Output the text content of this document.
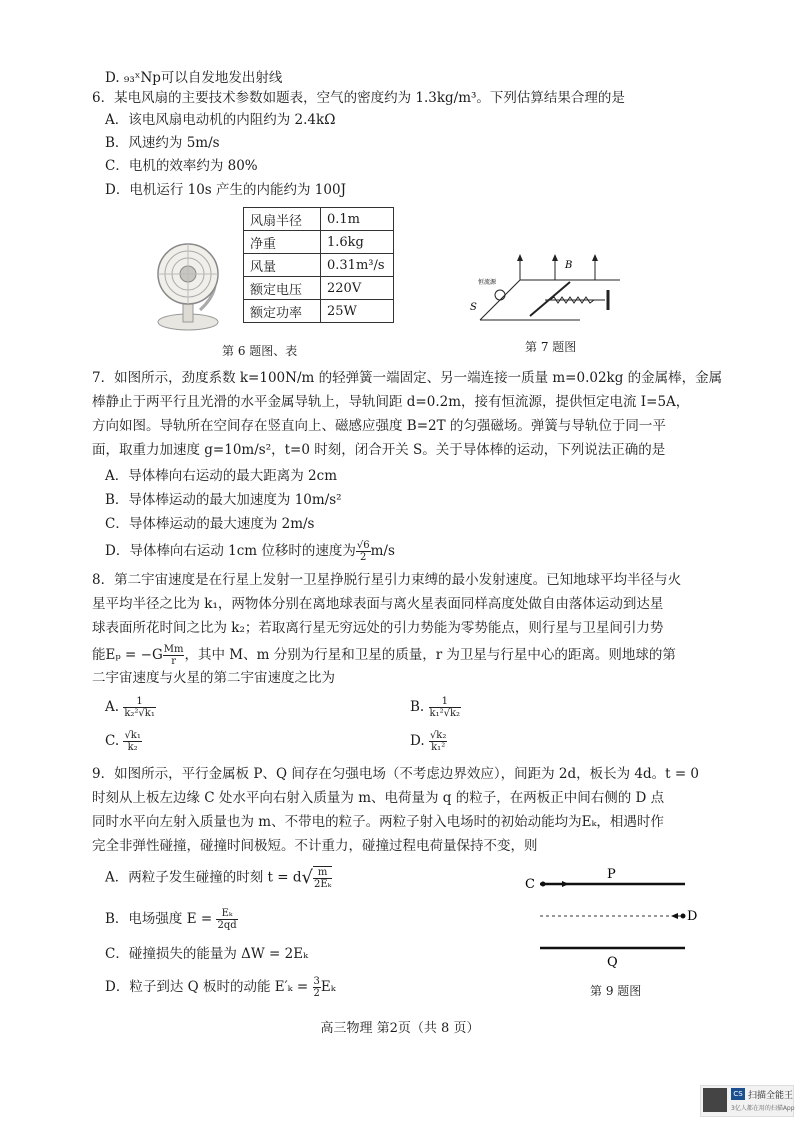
D. ₉₃ˣNp可以自发地发出射线
6．某电风扇的主要技术参数如题表，空气的密度约为 1.3kg/m³。下列估算结果合理的是
A．该电风扇电动机的内阻约为 2.4kΩ
B．风速约为 5m/s
C．电机的效率约为 80%
D．电机运行 10s 产生的内能约为 100J
风扇半径	0.1m
净重	1.6kg
风量	0.31m³/s
额定电压	220V
额定功率	25W
第 6 题图、表
B
S
恒流源
第 7 题图
7．如图所示，劲度系数 k=100N/m 的轻弹簧一端固定、另一端连接一质量 m=0.02kg 的金属棒，金属
棒静止于两平行且光滑的水平金属导轨上，导轨间距 d=0.2m，接有恒流源，提供恒定电流 I=5A，
方向如图。导轨所在空间存在竖直向上、磁感应强度 B=2T 的匀强磁场。弹簧与导轨位于同一平
面，取重力加速度 g=10m/s²，t=0 时刻，闭合开关 S。关于导体棒的运动，下列说法正确的是
A．导体棒向右运动的最大距离为 2cm
B．导体棒运动的最大加速度为 10m/s²
C．导体棒运动的最大速度为 2m/s
D．导体棒向右运动 1cm 位移时的速度为 $\frac{√6}{2} m/s$
8．第二宇宙速度是在行星上发射一卫星挣脱行星引力束缚的最小发射速度。已知地球平均半径与火
星平均半径之比为 k₁，两物体分别在离地球表面与离火星表面同样高度处做自由落体运动到达星
球表面所花时间之比为 k₂；若取离行星无穷远处的引力势能为零势能点，则行星与卫星间引力势
能$E_p = -G \frac{Mm}{r}$ ，其中 M、m 分别为行星和卫星的质量，r 为卫星与行星中心的距离。则地球的第
二宇宙速度与火星的第二宇宙速度之比为
A. $\frac{1}{\text{k₂²√k₁}}$	B. $\frac{1}{\text{k₁²√k₂}}$
C. $\frac{\text{√k₁}}{\text{k₂}}$	D. $\frac{\text{√k₂}}{\text{k₁²}}$
9．如图所示，平行金属板 P、Q 间存在匀强电场（不考虑边界效应），间距为 2d，板长为 4d。t = 0
时刻从上板左边缘 C 处水平向右射入质量为 m、电荷量为 q 的粒子，在两板正中间右侧的 D 点
同时水平向左射入质量也为 m、不带电的粒子。两粒子射入电场时的初始动能均为Eₖ，相遇时作
完全非弹性碰撞，碰撞时间极短。不计重力，碰撞过程电荷量保持不变，则
A．两粒子发生碰撞的时刻 $t = d√ \frac{m}{\text{2Eₖ}}$
B．电场强度 $E = \frac{\text{Eₖ}}{2qd}$
C．碰撞损失的能量为 ΔW = 2Eₖ
D．粒子到达 Q 板时的动能 $E'_k = \frac{3}{2}$ Eₖ
C
D
P
Q
第 9 题图
高三物理 第2页（共 8 页）
CS 扫描全能王
3亿人都在用的扫描App
